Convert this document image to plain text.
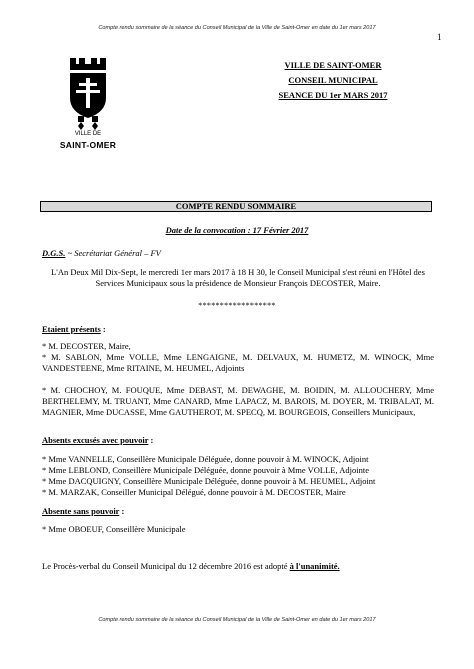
Compte rendu sommaire de la séance du Conseil Municipal de la Ville de Saint-Omer en date du 1er mars 2017
1
VILLE DE
SAINT-OMER
VILLE DE SAINT-OMER
CONSEIL MUNICIPAL
SEANCE DU 1er MARS 2017
COMPTE RENDU SOMMAIRE
Date de la convocation : 17 Février 2017
D.G.S. ~ Secrétariat Général – FV
L'An Deux Mil Dix-Sept, le mercredi 1er mars 2017 à 18 H 30, le Conseil Municipal s'est réuni en l'Hôtel des Services Municipaux sous la présidence de Monsieur François DECOSTER, Maire.
******************
Etaient présents :
* M. DECOSTER, Maire,
* M. SABLON, Mme VOLLE, Mme LENGAIGNE, M. DELVAUX, M. HUMETZ, M. WINOCK, Mme VANDESTEENE, Mme RITAINE, M. HEUMEL, Adjoints
* M. CHOCHOY, M. FOUQUE, Mme DEBAST, M. DEWAGHE, M. BOIDIN, M. ALLOUCHERY, Mme BERTHELEMY, M. TRUANT, Mme CANARD, Mme LAPACZ, M. BAROIS, M. DOYER, M. TRIBALAT, M. MAGNIER, Mme DUCASSE, Mme GAUTHEROT, M. SPECQ, M. BOURGEOIS, Conseillers Municipaux,
Absents excusés avec pouvoir :
* Mme VANNELLE, Conseillère Municipale Déléguée, donne pouvoir à M. WINOCK, Adjoint
* Mme LEBLOND, Conseillère Municipale Déléguée, donne pouvoir à Mme VOLLE, Adjointe
* Mme DACQUIGNY, Conseillère Municipale Déléguée, donne pouvoir à M. HEUMEL, Adjoint
* M. MARZAK, Conseiller Municipal Délégué, donne pouvoir à M. DECOSTER, Maire
Absente sans pouvoir :
* Mme OBOEUF, Conseillère Municipale
Le Procès-verbal du Conseil Municipal du 12 décembre 2016 est adopté à l'unanimité.
Compte rendu sommaire de la séance du Conseil Municipal de la Ville de Saint-Omer en date du 1er mars 2017
